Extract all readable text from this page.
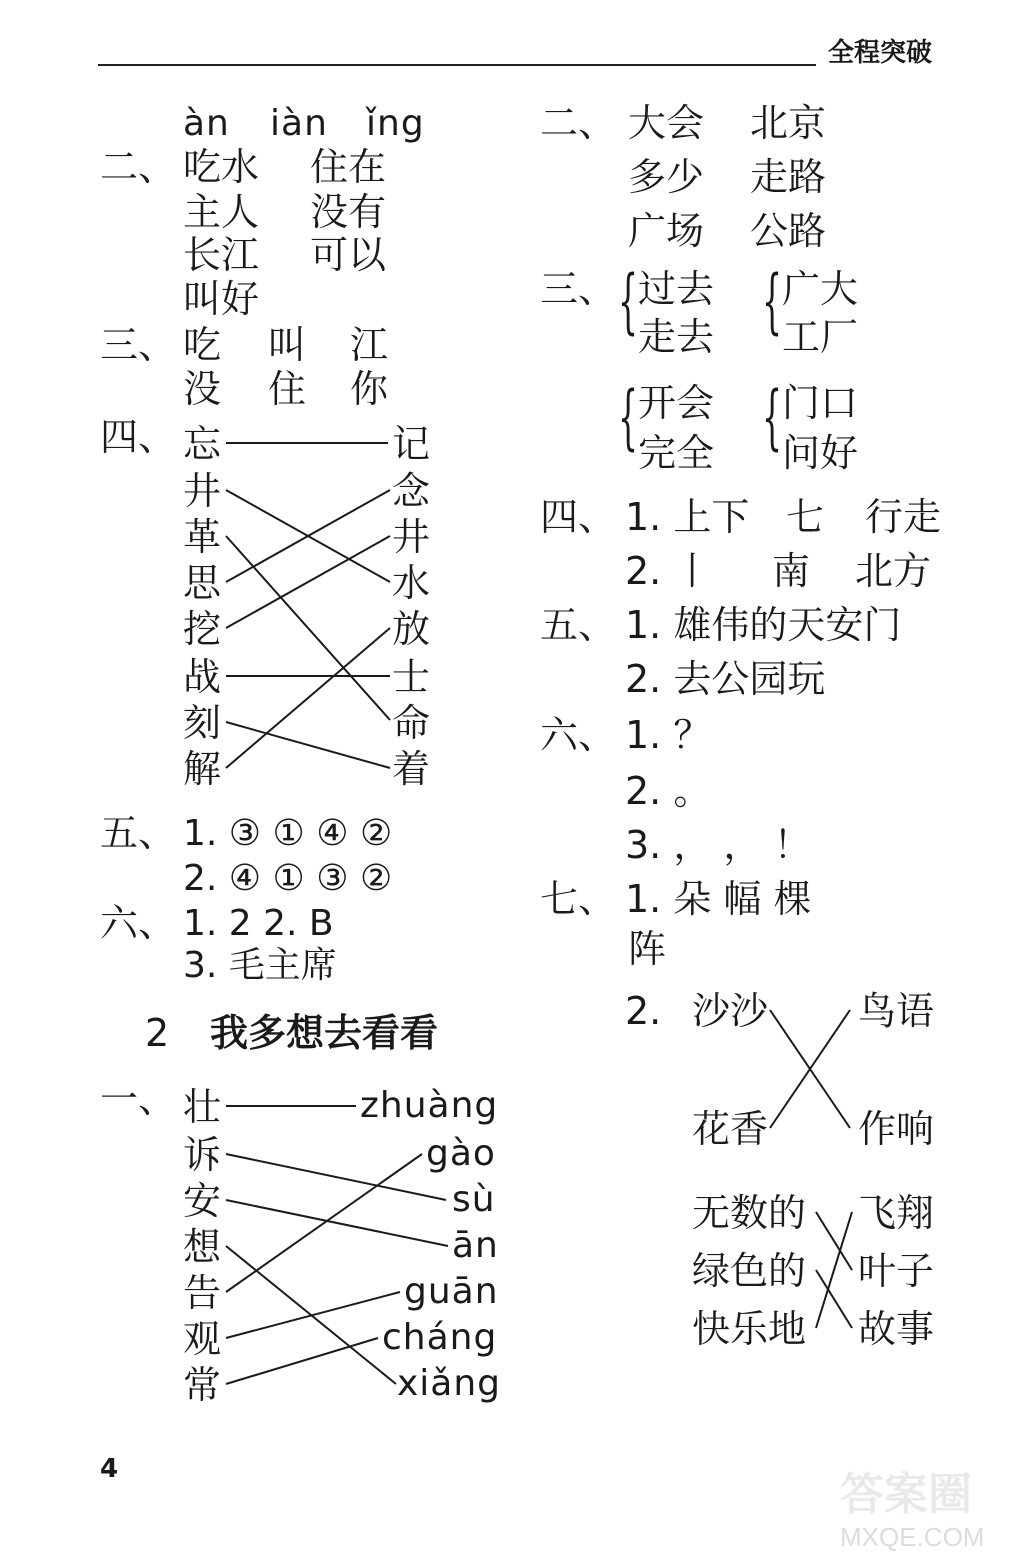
全程突破
àn iàn ǐng
二、 吃水 住在
主人 没有
长江 可以
叫好
三、 吃 叫 江
没 住 你
四、 忘
井
革
思
挖
战
刻
解
记
念
井
水
放
士
命
着
五、 1. ③ ① ④ ②
2. ④ ① ③ ②
六、 1. 2 2. B
3. 毛主席
2 我多想去看看
一、 壮
诉
安
想
告
观
常
zhuàng
gào
sù
ān
guān
cháng
xiǎng
4
二、 大会 北京
多少 走路
广场 公路
三、 { 过去
走去 { 广大
工厂
{ 开会
完全 { 门口
问好
四、 1. 上下 七 行走
2. 丨 南 北方
五、 1. 雄伟的天安门
2. 去公园玩
六、 1. ？
2. 。
3. ， ， ！
七、 1. 朵 幅 棵
阵
2. 沙沙
花香
鸟语
作响
无数的
绿色的
快乐地
飞翔
叶子
故事
答案圈
MXQE.COM
